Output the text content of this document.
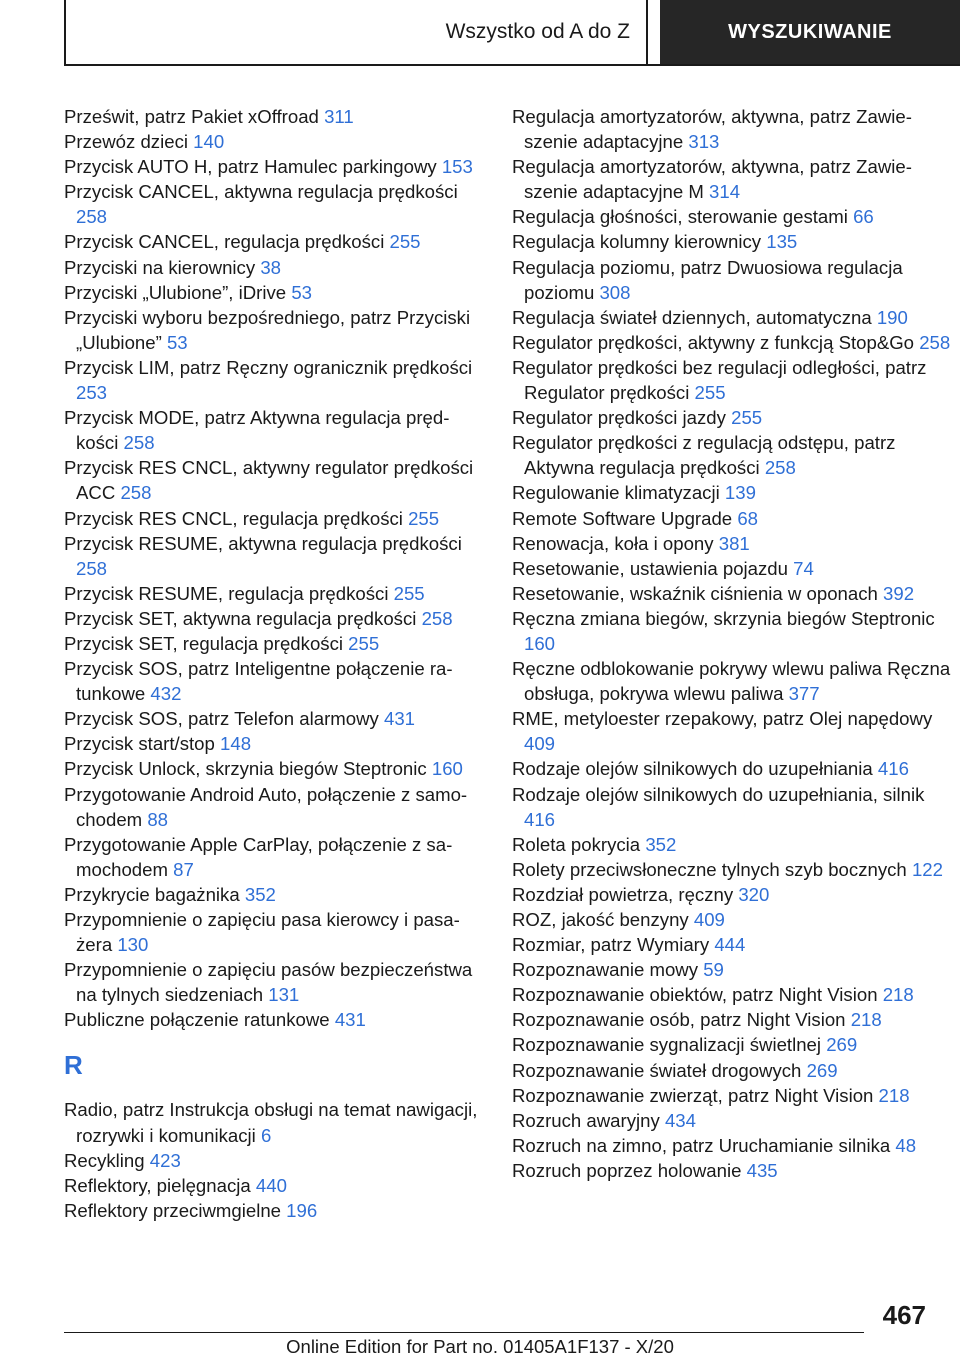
Wszystko od A do Z	WYSZUKIWANIE

Prześwit, patrz Pakiet xOffroad 311

Przewóz dzieci 140

Przycisk AUTO H, patrz Hamulec parkingowy 153

Przycisk CANCEL, aktywna regulacja prędkości 258

Przycisk CANCEL, regulacja prędkości 255

Przyciski na kierownicy 38

Przyciski „Ulubione”, iDrive 53

Przyciski wyboru bezpośredniego, patrz Przyciski „Ulubione” 53

Przycisk LIM, patrz Ręczny ogranicznik prędkości 253

Przycisk MODE, patrz Aktywna regulacja prędkości 258

Przycisk RES CNCL, aktywny regulator prędkości ACC 258

Przycisk RES CNCL, regulacja prędkości 255

Przycisk RESUME, aktywna regulacja prędkości 258

Przycisk RESUME, regulacja prędkości 255

Przycisk SET, aktywna regulacja prędkości 258

Przycisk SET, regulacja prędkości 255

Przycisk SOS, patrz Inteligentne połączenie ratunkowe 432

Przycisk SOS, patrz Telefon alarmowy 431

Przycisk start/stop 148

Przycisk Unlock, skrzynia biegów Steptronic 160

Przygotowanie Android Auto, połączenie z samochodem 88

Przygotowanie Apple CarPlay, połączenie z samochodem 87

Przykrycie bagażnika 352

Przypomnienie o zapięciu pasa kierowcy i pasażera 130

Przypomnienie o zapięciu pasów bezpieczeństwa na tylnych siedzeniach 131

Publiczne połączenie ratunkowe 431

R

Radio, patrz Instrukcja obsługi na temat nawigacji, rozrywki i komunikacji 6

Recykling 423

Reflektory, pielęgnacja 440

Reflektory przeciwmgielne 196

Regulacja amortyzatorów, aktywna, patrz Zawieszenie adaptacyjne 313

Regulacja amortyzatorów, aktywna, patrz Zawieszenie adaptacyjne M 314

Regulacja głośności, sterowanie gestami 66

Regulacja kolumny kierownicy 135

Regulacja poziomu, patrz Dwuosiowa regulacja poziomu 308

Regulacja świateł dziennych, automatyczna 190

Regulator prędkości, aktywny z funkcją Stop&Go 258

Regulator prędkości bez regulacji odległości, patrz Regulator prędkości 255

Regulator prędkości jazdy 255

Regulator prędkości z regulacją odstępu, patrz Aktywna regulacja prędkości 258

Regulowanie klimatyzacji 139

Remote Software Upgrade 68

Renowacja, koła i opony 381

Resetowanie, ustawienia pojazdu 74

Resetowanie, wskaźnik ciśnienia w oponach 392

Ręczna zmiana biegów, skrzynia biegów Steptronic 160

Ręczne odblokowanie pokrywy wlewu paliwa Ręczna obsługa, pokrywa wlewu paliwa 377

RME, metyloester rzepakowy, patrz Olej napędowy 409

Rodzaje olejów silnikowych do uzupełniania 416

Rodzaje olejów silnikowych do uzupełniania, silnik 416

Roleta pokrycia 352

Rolety przeciwsłoneczne tylnych szyb bocznych 122

Rozdział powietrza, ręczny 320

ROZ, jakość benzyny 409

Rozmiar, patrz Wymiary 444

Rozpoznawanie mowy 59

Rozpoznawanie obiektów, patrz Night Vision 218

Rozpoznawanie osób, patrz Night Vision 218

Rozpoznawanie sygnalizacji świetlnej 269

Rozpoznawanie świateł drogowych 269

Rozpoznawanie zwierząt, patrz Night Vision 218

Rozruch awaryjny 434

Rozruch na zimno, patrz Uruchamianie silnika 48

Rozruch poprzez holowanie 435

467
Online Edition for Part no. 01405A1F137 - X/20
